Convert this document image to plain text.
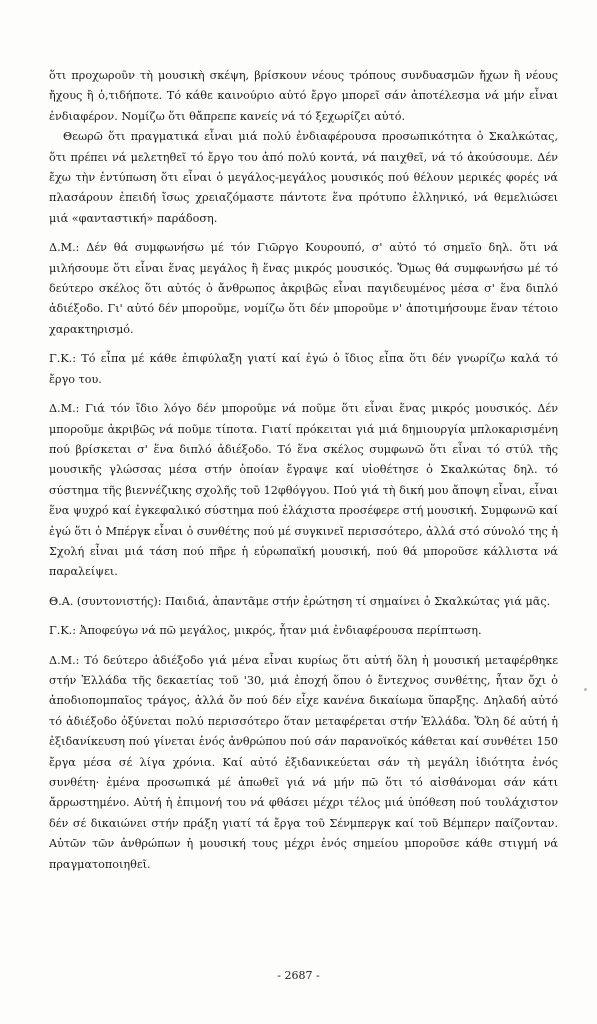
ὅτι προχωροῦν τὴ μουσικὴ σκέψη, βρίσκουν νέους τρόπους συνδυασμῶν ἤχων ἢ νέους ἤχους ἢ ὁ,τιδήποτε. Τό κάθε καινούριο αὐτό ἔργο μπορεῖ σάν ἀποτέλεσμα νά μήν εἶναι ἐνδιαφέρον. Νομίζω ὅτι θἄπρεπε κανείς νά τό ξεχωρίζει αὐτό.

Θεωρῶ ὅτι πραγματικά εἶναι μιά πολύ ἐνδιαφέρουσα προσωπικότητα ὁ Σκαλκώτας, ὅτι πρέπει νά μελετηθεῖ τό ἔργο του ἀπό πολύ κοντά, νά παιχθεῖ, νά τό ἀκούσουμε. Δέν ἔχω τὴν ἐντύπωση ὅτι εἶναι ὁ μεγάλος-μεγάλος μουσικός πού θέλουν μερικές φορές νά πλασάρουν ἐπειδή ἴσως χρειαζόμαστε πάντοτε ἕνα πρότυπο ἑλληνικό, νά θεμελιώσει μιά «φανταστική» παράδοση.

Δ.Μ.: Δέν θά συμφωνήσω μέ τόν Γιῶργο Κουρουπό, σ' αὐτό τό σημεῖο δηλ. ὅτι νά μιλήσουμε ὅτι εἶναι ἕνας μεγάλος ἢ ἕνας μικρός μουσικός. Ὅμως θά συμφωνήσω μέ τό δεύτερο σκέλος ὅτι αὐτός ὁ ἄνθρωπος ἀκριβῶς εἶναι παγιδευμένος μέσα σ' ἕνα διπλό ἀδιέξοδο. Γι' αὐτό δέν μποροῦμε, νομίζω ὅτι δέν μποροῦμε ν' ἀποτιμήσουμε ἕναν τέτοιο χαρακτηρισμό.

Γ.Κ.: Τό εἶπα μέ κάθε ἐπιφύλαξη γιατί καί ἐγώ ὁ ἴδιος εἶπα ὅτι δέν γνωρίζω καλά τό ἔργο του.

Δ.Μ.: Γιά τόν ἴδιο λόγο δέν μποροῦμε νά ποῦμε ὅτι εἶναι ἕνας μικρός μουσικός. Δέν μποροῦμε ἀκριβῶς νά ποῦμε τίποτα. Γιατί πρόκειται γιά μιά δημιουργία μπλοκαρισμένη πού βρίσκεται σ' ἕνα διπλό ἀδιέξοδο. Τό ἕνα σκέλος συμφωνῶ ὅτι εἶναι τό στύλ τῆς μουσικῆς γλώσσας μέσα στήν ὁποίαν ἔγραψε καί υἱοθέτησε ὁ Σκαλκώτας δηλ. τό σύστημα τῆς βιεννέζικης σχολῆς τοῦ 12φθόγγου. Πού γιά τὴ δική μου ἄποψη εἶναι, εἶναι ἕνα ψυχρό καί ἐγκεφαλικό σύστημα πού ἐλάχιστα προσέφερε στή μουσική. Συμφωνῶ καί ἐγώ ὅτι ὁ Μπέργκ εἶναι ὁ συνθέτης πού μέ συγκινεῖ περισσότερο, ἀλλά στό σύνολό της ἡ Σχολή εἶναι μιά τάση πού πῆρε ἡ εὐρωπαϊκή μουσική, πού θά μποροῦσε κάλλιστα νά παραλείψει.

Θ.Α. (συντονιστής): Παιδιά, ἀπαντᾶμε στήν ἐρώτηση τί σημαίνει ὁ Σκαλκώτας γιά μᾶς.

Γ.Κ.: Ἀποφεύγω νά πῶ μεγάλος, μικρός, ἦταν μιά ἐνδιαφέρουσα περίπτωση.

Δ.Μ.: Τό δεύτερο ἀδιέξοδο γιά μένα εἶναι κυρίως ὅτι αὐτή ὅλη ἡ μουσική μεταφέρθηκε στήν Ἑλλάδα τῆς δεκαετίας τοῦ '30, μιά ἐποχή ὅπου ὁ ἔντεχνος συνθέτης, ἦταν ὄχι ὁ ἀποδιοπομπαῖος τράγος, ἀλλά ὄν πού δέν εἶχε κανένα δικαίωμα ὕπαρξης. Δηλαδή αὐτό τό ἀδιέξοδο ὀξύνεται πολύ περισσότερο ὅταν μεταφέρεται στήν Ἑλλάδα. Ὅλη δέ αὐτή ἡ ἐξιδανίκευση πού γίνεται ἑνός ἀνθρώπου πού σάν παρανοϊκός κάθεται καί συνθέτει 150 ἔργα μέσα σέ λίγα χρόνια. Καί αὐτό ἐξιδανικεύεται σάν τὴ μεγάλη ἰδιότητα ἑνός συνθέτη· ἐμένα προσωπικά μέ ἀπωθεῖ γιά νά μήν πῶ ὅτι τό αἰσθάνομαι σάν κάτι ἄρρωστημένο. Αὐτή ἡ ἐπιμονή του νά φθάσει μέχρι τέλος μιά ὑπόθεση πού τουλάχιστον δέν σέ δικαιώνει στήν πράξη γιατί τά ἔργα τοῦ Σένμπεργκ καί τοῦ Βέμπερν παίζονταν. Αὐτῶν τῶν ἀνθρώπων ἡ μουσική τους μέχρι ἑνός σημείου μποροῦσε κάθε στιγμή νά πραγματοποιηθεῖ.

- 2687 -
